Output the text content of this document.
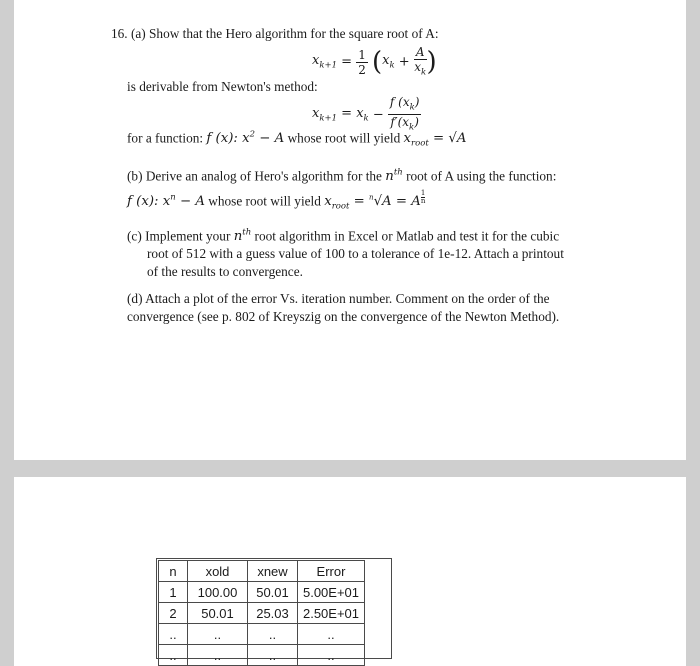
16. (a) Show that the Hero algorithm for the square root of A:
$x_{k+1} = \frac{1}{2} (x_k + \frac{A}{x_k}$ )
is derivable from Newton's method:
$x_{k+1} = x_k - \frac{f (x_k)}{f'(x_k)}$
for a function: f (x): $x^2 - A$ whose root will yield $x_{root} = √A$
(b) Derive an analog of Hero's algorithm for the $n^{th}$ root of A using the function:
f (x): $x^n - A$ whose root will yield $x_{root} = ^n√A = A$ $^{\frac{1}{n}}$
(c) Implement your $n^{th}$ root algorithm in Excel or Matlab and test it for the cubic
root of 512 with a guess value of 100 to a tolerance of 1e-12. Attach a printout
of the results to convergence.
(d) Attach a plot of the error Vs. iteration number. Comment on the order of the
convergence (see p. 802 of Kreyszig on the convergence of the Newton Method).
n	xold	xnew	Error
1	100.00	50.01	5.00E+01
2	50.01	25.03	2.50E+01
..	..	..	..
..	..	..	..
